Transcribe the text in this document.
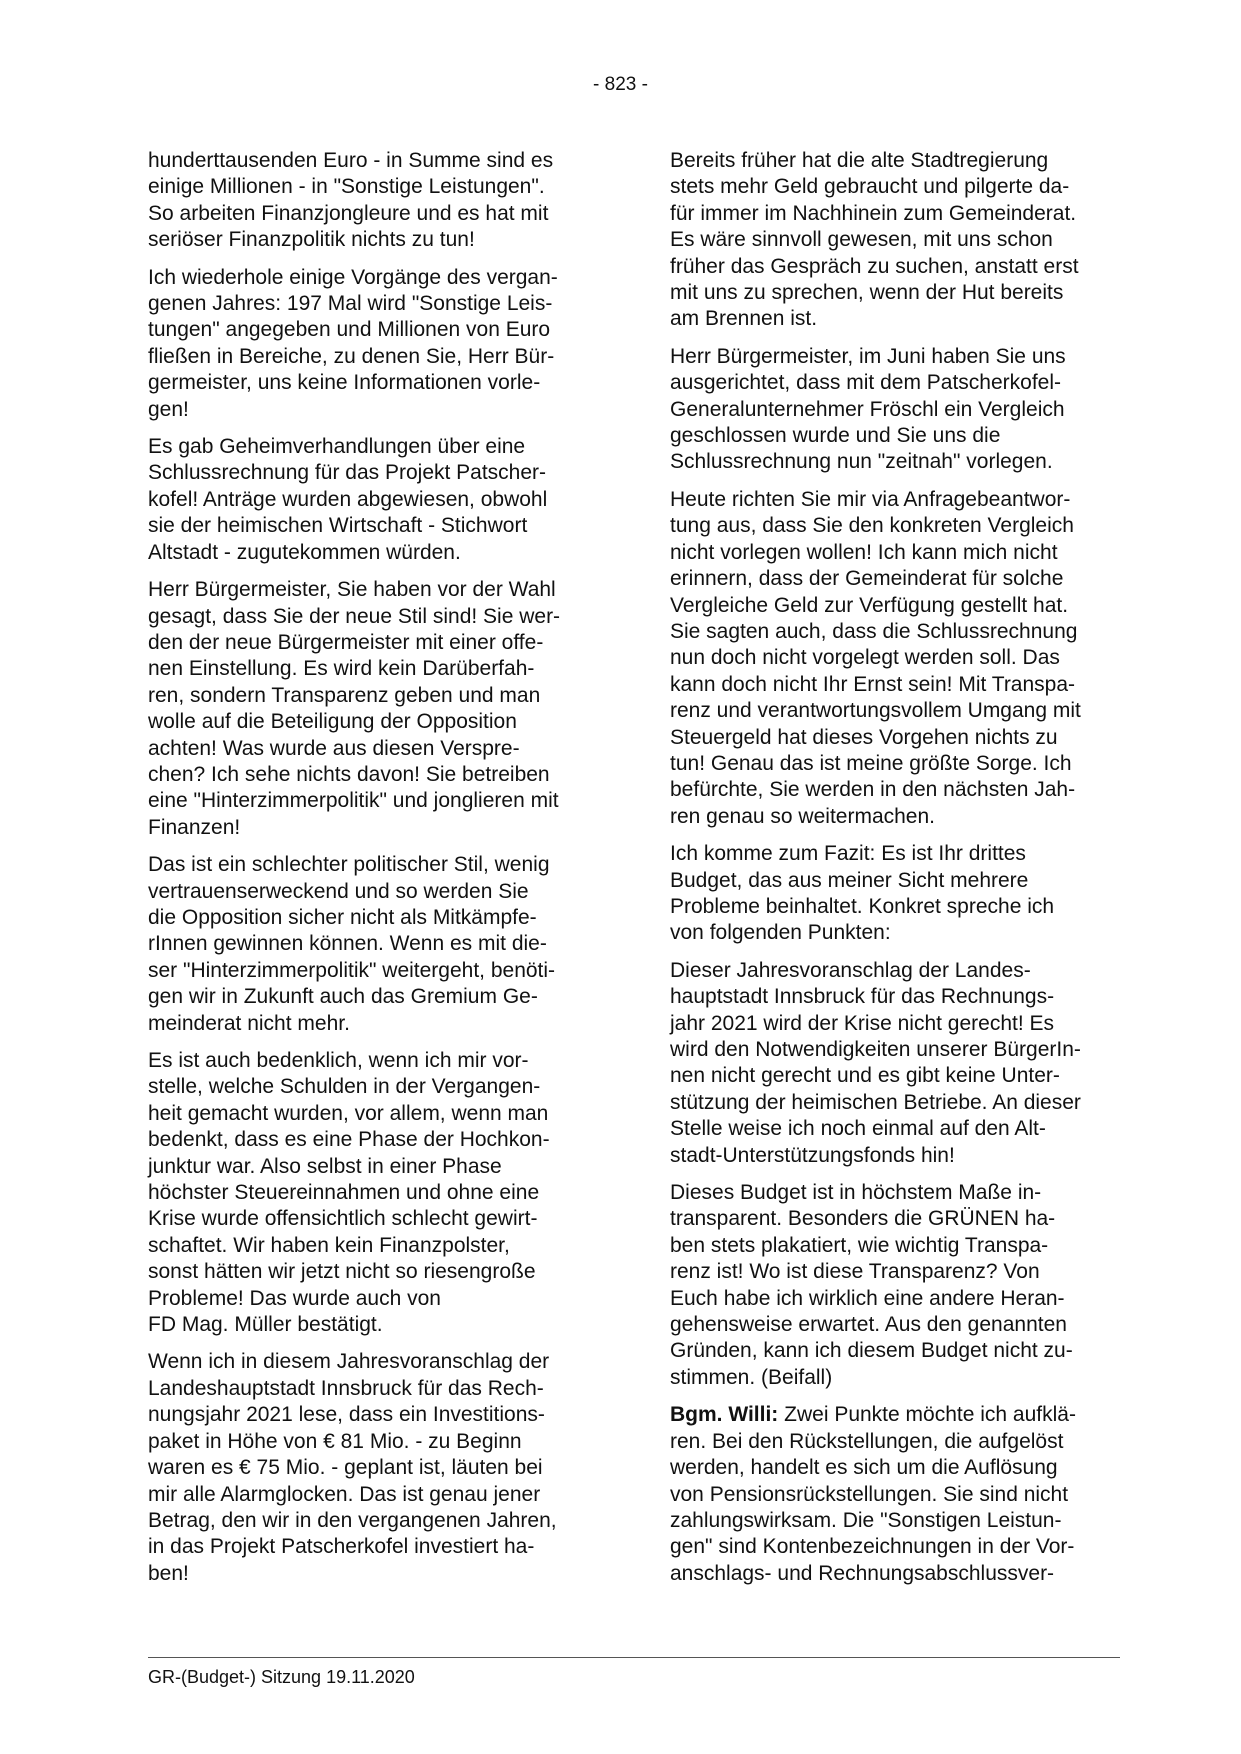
- 823 -

hunderttausenden Euro - in Summe sind es
einige Millionen - in "Sonstige Leistungen".
So arbeiten Finanzjongleure und es hat mit
seriöser Finanzpolitik nichts zu tun!

Ich wiederhole einige Vorgänge des vergan-
genen Jahres: 197 Mal wird "Sonstige Leis-
tungen" angegeben und Millionen von Euro
fließen in Bereiche, zu denen Sie, Herr Bür-
germeister, uns keine Informationen vorle-
gen!

Es gab Geheimverhandlungen über eine
Schlussrechnung für das Projekt Patscher-
kofel! Anträge wurden abgewiesen, obwohl
sie der heimischen Wirtschaft - Stichwort
Altstadt - zugutekommen würden.

Herr Bürgermeister, Sie haben vor der Wahl
gesagt, dass Sie der neue Stil sind! Sie wer-
den der neue Bürgermeister mit einer offe-
nen Einstellung. Es wird kein Darüberfah-
ren, sondern Transparenz geben und man
wolle auf die Beteiligung der Opposition
achten! Was wurde aus diesen Verspre-
chen? Ich sehe nichts davon! Sie betreiben
eine "Hinterzimmerpolitik" und jonglieren mit
Finanzen!

Das ist ein schlechter politischer Stil, wenig
vertrauenserweckend und so werden Sie
die Opposition sicher nicht als Mitkämpfe-
rInnen gewinnen können. Wenn es mit die-
ser "Hinterzimmerpolitik" weitergeht, benöti-
gen wir in Zukunft auch das Gremium Ge-
meinderat nicht mehr.

Es ist auch bedenklich, wenn ich mir vor-
stelle, welche Schulden in der Vergangen-
heit gemacht wurden, vor allem, wenn man
bedenkt, dass es eine Phase der Hochkon-
junktur war. Also selbst in einer Phase
höchster Steuereinnahmen und ohne eine
Krise wurde offensichtlich schlecht gewirt-
schaftet. Wir haben kein Finanzpolster,
sonst hätten wir jetzt nicht so riesengroße
Probleme! Das wurde auch von
FD Mag. Müller bestätigt.

Wenn ich in diesem Jahresvoranschlag der
Landeshauptstadt Innsbruck für das Rech-
nungsjahr 2021 lese, dass ein Investitions-
paket in Höhe von € 81 Mio. - zu Beginn
waren es € 75 Mio. - geplant ist, läuten bei
mir alle Alarmglocken. Das ist genau jener
Betrag, den wir in den vergangenen Jahren,
in das Projekt Patscherkofel investiert ha-
ben!

Bereits früher hat die alte Stadtregierung
stets mehr Geld gebraucht und pilgerte da-
für immer im Nachhinein zum Gemeinderat.
Es wäre sinnvoll gewesen, mit uns schon
früher das Gespräch zu suchen, anstatt erst
mit uns zu sprechen, wenn der Hut bereits
am Brennen ist.

Herr Bürgermeister, im Juni haben Sie uns
ausgerichtet, dass mit dem Patscherkofel-
Generalunternehmer Fröschl ein Vergleich
geschlossen wurde und Sie uns die
Schlussrechnung nun "zeitnah" vorlegen.

Heute richten Sie mir via Anfragebeantwor-
tung aus, dass Sie den konkreten Vergleich
nicht vorlegen wollen! Ich kann mich nicht
erinnern, dass der Gemeinderat für solche
Vergleiche Geld zur Verfügung gestellt hat.
Sie sagten auch, dass die Schlussrechnung
nun doch nicht vorgelegt werden soll. Das
kann doch nicht Ihr Ernst sein! Mit Transpa-
renz und verantwortungsvollem Umgang mit
Steuergeld hat dieses Vorgehen nichts zu
tun! Genau das ist meine größte Sorge. Ich
befürchte, Sie werden in den nächsten Jah-
ren genau so weitermachen.

Ich komme zum Fazit: Es ist Ihr drittes
Budget, das aus meiner Sicht mehrere
Probleme beinhaltet. Konkret spreche ich
von folgenden Punkten:

Dieser Jahresvoranschlag der Landes-
hauptstadt Innsbruck für das Rechnungs-
jahr 2021 wird der Krise nicht gerecht! Es
wird den Notwendigkeiten unserer BürgerIn-
nen nicht gerecht und es gibt keine Unter-
stützung der heimischen Betriebe. An dieser
Stelle weise ich noch einmal auf den Alt-
stadt-Unterstützungsfonds hin!

Dieses Budget ist in höchstem Maße in-
transparent. Besonders die GRÜNEN ha-
ben stets plakatiert, wie wichtig Transpa-
renz ist! Wo ist diese Transparenz? Von
Euch habe ich wirklich eine andere Heran-
gehensweise erwartet. Aus den genannten
Gründen, kann ich diesem Budget nicht zu-
stimmen. (Beifall)

Bgm. Willi: Zwei Punkte möchte ich aufklä-
ren. Bei den Rückstellungen, die aufgelöst
werden, handelt es sich um die Auflösung
von Pensionsrückstellungen. Sie sind nicht
zahlungswirksam. Die "Sonstigen Leistun-
gen" sind Kontenbezeichnungen in der Vor-
anschlags- und Rechnungsabschlussver-

GR-(Budget-) Sitzung 19.11.2020
